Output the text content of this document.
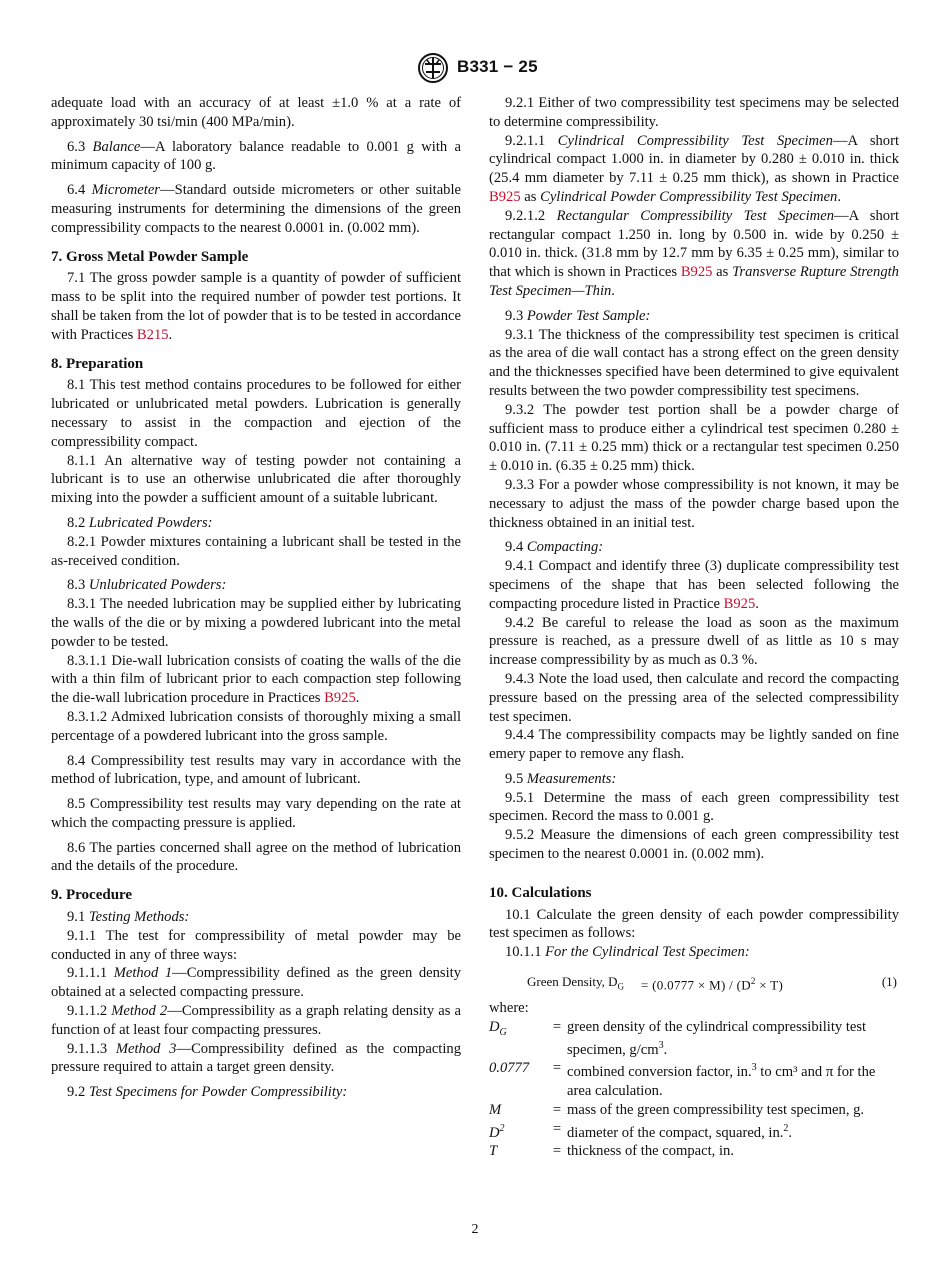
B331 − 25

adequate load with an accuracy of at least ±1.0 % at a rate of approximately 30 tsi/min (400 MPa/min).

6.3 Balance—A laboratory balance readable to 0.001 g with a minimum capacity of 100 g.

6.4 Micrometer—Standard outside micrometers or other suitable measuring instruments for determining the dimensions of the green compressibility compacts to the nearest 0.0001 in. (0.002 mm).

7. Gross Metal Powder Sample

7.1 The gross powder sample is a quantity of powder of sufficient mass to be split into the required number of powder test portions. It shall be taken from the lot of powder that is to be tested in accordance with Practices B215.

8. Preparation

8.1 This test method contains procedures to be followed for either lubricated or unlubricated metal powders. Lubrication is generally necessary to assist in the compaction and ejection of the compressibility compact.

8.1.1 An alternative way of testing powder not containing a lubricant is to use an otherwise unlubricated die after thoroughly mixing into the powder a sufficient amount of a suitable lubricant.

8.2 Lubricated Powders:

8.2.1 Powder mixtures containing a lubricant shall be tested in the as-received condition.

8.3 Unlubricated Powders:

8.3.1 The needed lubrication may be supplied either by lubricating the walls of the die or by mixing a powdered lubricant into the metal powder to be tested.

8.3.1.1 Die-wall lubrication consists of coating the walls of the die with a thin film of lubricant prior to each compaction step following the die-wall lubrication procedure in Practices B925.

8.3.1.2 Admixed lubrication consists of thoroughly mixing a small percentage of a powdered lubricant into the gross sample.

8.4 Compressibility test results may vary in accordance with the method of lubrication, type, and amount of lubricant.

8.5 Compressibility test results may vary depending on the rate at which the compacting pressure is applied.

8.6 The parties concerned shall agree on the method of lubrication and the details of the procedure.

9. Procedure

9.1 Testing Methods:

9.1.1 The test for compressibility of metal powder may be conducted in any of three ways:

9.1.1.1 Method 1—Compressibility defined as the green density obtained at a selected compacting pressure.

9.1.1.2 Method 2—Compressibility as a graph relating density as a function of at least four compacting pressures.

9.1.1.3 Method 3—Compressibility defined as the compacting pressure required to attain a target green density.

9.2 Test Specimens for Powder Compressibility:

9.2.1 Either of two compressibility test specimens may be selected to determine compressibility.

9.2.1.1 Cylindrical Compressibility Test Specimen—A short cylindrical compact 1.000 in. in diameter by 0.280 ± 0.010 in. thick (25.4 mm diameter by 7.11 ± 0.25 mm thick), as shown in Practice B925 as Cylindrical Powder Compressibility Test Specimen.

9.2.1.2 Rectangular Compressibility Test Specimen—A short rectangular compact 1.250 in. long by 0.500 in. wide by 0.250 ± 0.010 in. thick. (31.8 mm by 12.7 mm by 6.35 ± 0.25 mm), similar to that which is shown in Practices B925 as Transverse Rupture Strength Test Specimen—Thin.

9.3 Powder Test Sample:

9.3.1 The thickness of the compressibility test specimen is critical as the area of die wall contact has a strong effect on the green density and the thicknesses specified have been determined to give equivalent results between the two powder compressibility test specimens.

9.3.2 The powder test portion shall be a powder charge of sufficient mass to produce either a cylindrical test specimen 0.280 ± 0.010 in. (7.11 ± 0.25 mm) thick or a rectangular test specimen 0.250 ± 0.010 in. (6.35 ± 0.25 mm) thick.

9.3.3 For a powder whose compressibility is not known, it may be necessary to adjust the mass of the powder charge based upon the thickness obtained in an initial test.

9.4 Compacting:

9.4.1 Compact and identify three (3) duplicate compressibility test specimens of the shape that has been selected following the compacting procedure listed in Practice B925.

9.4.2 Be careful to release the load as soon as the maximum pressure is reached, as a pressure dwell of as little as 10 s may increase compressibility by as much as 0.3 %.

9.4.3 Note the load used, then calculate and record the compacting pressure based on the pressing area of the selected compressibility test specimen.

9.4.4 The compressibility compacts may be lightly sanded on fine emery paper to remove any flash.

9.5 Measurements:

9.5.1 Determine the mass of each green compressibility test specimen. Record the mass to 0.001 g.

9.5.2 Measure the dimensions of each green compressibility test specimen to the nearest 0.0001 in. (0.002 mm).

10. Calculations

10.1 Calculate the green density of each powder compressibility test specimen as follows:

10.1.1 For the Cylindrical Test Specimen:

Green Density, $D_G = (0.0777 \times M) / (D^2 \times T)$	(1)

where:

$D_G$	=	green density of the cylindrical compressibility test specimen, $g/cm^3$.
0.0777	=	combined conversion factor, in.$^3$ to cm³ and π for the area calculation.
M	=	mass of the green compressibility test specimen, g.
$D^2$	=	diameter of the compact, squared, in.$^2$.
T	=	thickness of the compact, in.
2
